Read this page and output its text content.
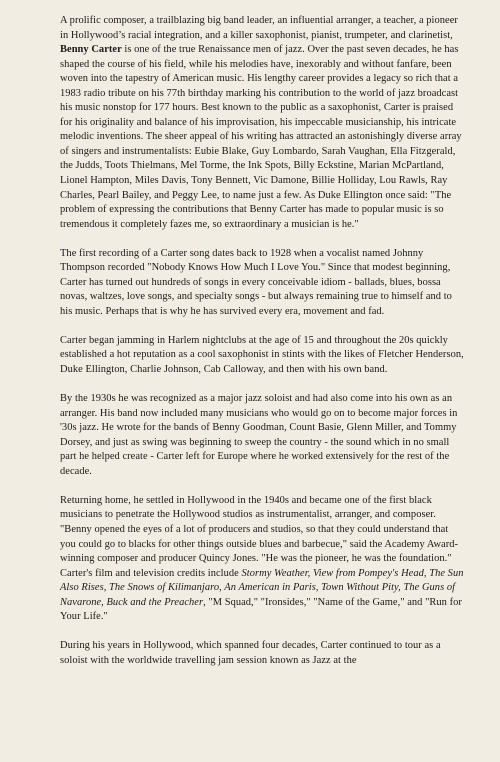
A prolific composer, a trailblazing big band leader, an influential arranger, a teacher, a pioneer in Hollywood’s racial integration, and a killer saxophonist, pianist, trumpeter, and clarinetist, Benny Carter is one of the true Renaissance men of jazz. Over the past seven decades, he has shaped the course of his field, while his melodies have, inexorably and without fanfare, been woven into the tapestry of American music. His lengthy career provides a legacy so rich that a 1983 radio tribute on his 77th birthday marking his contribution to the world of jazz broadcast his music nonstop for 177 hours. Best known to the public as a saxophonist, Carter is praised for his originality and balance of his improvisation, his impeccable musicianship, his intricate melodic inventions. The sheer appeal of his writing has attracted an astonishingly diverse array of singers and instrumentalists: Eubie Blake, Guy Lombardo, Sarah Vaughan, Ella Fitzgerald, the Judds, Toots Thielmans, Mel Torme, the Ink Spots, Billy Eckstine, Marian McPartland, Lionel Hampton, Miles Davis, Tony Bennett, Vic Damone, Billie Holliday, Lou Rawls, Ray Charles, Pearl Bailey, and Peggy Lee, to name just a few. As Duke Ellington once said: "The problem of expressing the contributions that Benny Carter has made to popular music is so tremendous it completely fazes me, so extraordinary a musician is he."

The first recording of a Carter song dates back to 1928 when a vocalist named Johnny Thompson recorded "Nobody Knows How Much I Love You." Since that modest beginning, Carter has turned out hundreds of songs in every conceivable idiom - ballads, blues, bossa novas, waltzes, love songs, and specialty songs - but always remaining true to himself and to his music. Perhaps that is why he has survived every era, movement and fad.

Carter began jamming in Harlem nightclubs at the age of 15 and throughout the 20s quickly established a hot reputation as a cool saxophonist in stints with the likes of Fletcher Henderson, Duke Ellington, Charlie Johnson, Cab Calloway, and then with his own band.

By the 1930s he was recognized as a major jazz soloist and had also come into his own as an arranger. His band now included many musicians who would go on to become major forces in '30s jazz. He wrote for the bands of Benny Goodman, Count Basie, Glenn Miller, and Tommy Dorsey, and just as swing was beginning to sweep the country - the sound which in no small part he helped create - Carter left for Europe where he worked extensively for the rest of the decade.

Returning home, he settled in Hollywood in the 1940s and became one of the first black musicians to penetrate the Hollywood studios as instrumentalist, arranger, and composer. "Benny opened the eyes of a lot of producers and studios, so that they could understand that you could go to blacks for other things outside blues and barbecue," said the Academy Award-winning composer and producer Quincy Jones. "He was the pioneer, he was the foundation." Carter's film and television credits include Stormy Weather, View from Pompey's Head, The Sun Also Rises, The Snows of Kilimanjaro, An American in Paris, Town Without Pity, The Guns of Navarone, Buck and the Preacher, "M Squad," "Ironsides," "Name of the Game," and "Run for Your Life."

During his years in Hollywood, which spanned four decades, Carter continued to tour as a soloist with the worldwide travelling jam session known as Jazz at the
